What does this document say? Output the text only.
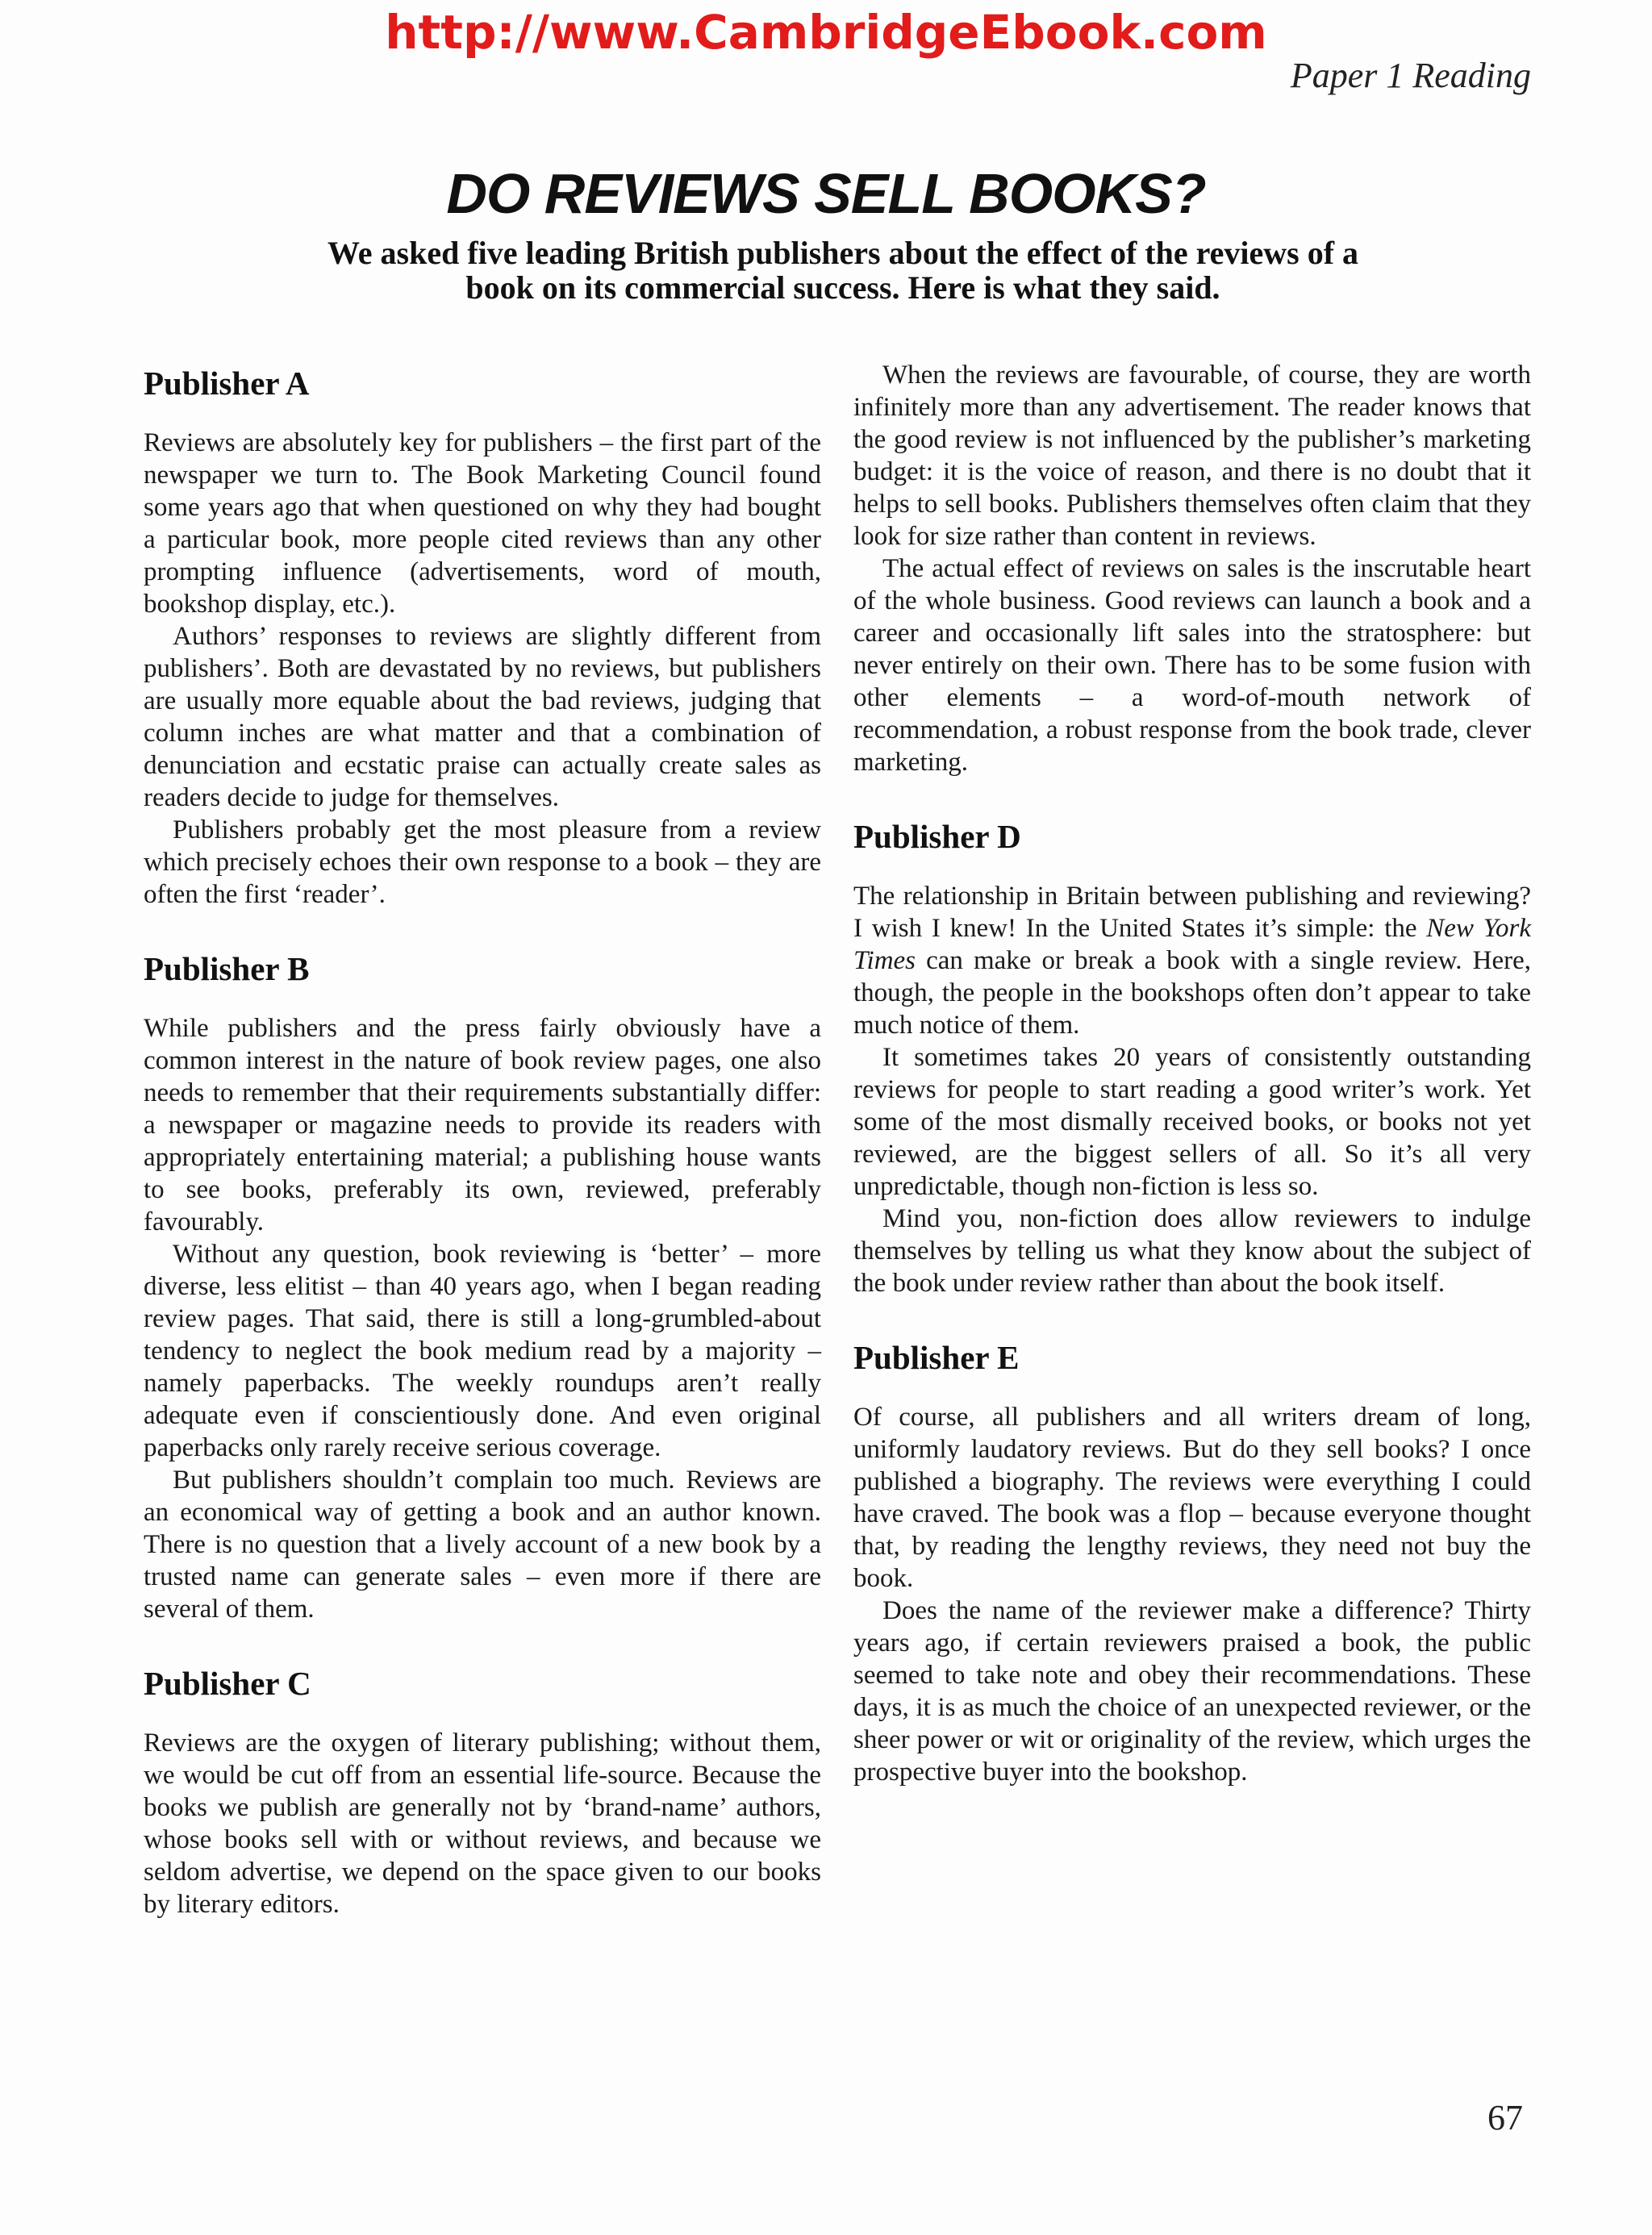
http://www.CambridgeEbook.com
Paper 1 Reading
DO REVIEWS SELL BOOKS?
We asked five leading British publishers about the effect of the reviews of a book on its commercial success. Here is what they said.
Publisher A

Reviews are absolutely key for publishers – the first part of the newspaper we turn to. The Book Marketing Council found some years ago that when questioned on why they had bought a particular book, more people cited reviews than any other prompting influence (advertisements, word of mouth, bookshop display, etc.).

Authors’ responses to reviews are slightly different from publishers’. Both are devastated by no reviews, but publishers are usually more equable about the bad reviews, judging that column inches are what matter and that a combination of denunciation and ecstatic praise can actually create sales as readers decide to judge for themselves.

Publishers probably get the most pleasure from a review which precisely echoes their own response to a book – they are often the first ‘reader’.

Publisher B

While publishers and the press fairly obviously have a common interest in the nature of book review pages, one also needs to remember that their requirements substantially differ: a newspaper or magazine needs to provide its readers with appropriately entertaining material; a publishing house wants to see books, preferably its own, reviewed, preferably favourably.

Without any question, book reviewing is ‘better’ – more diverse, less elitist – than 40 years ago, when I began reading review pages. That said, there is still a long-grumbled-about tendency to neglect the book medium read by a majority – namely paperbacks. The weekly roundups aren’t really adequate even if conscientiously done. And even original paperbacks only rarely receive serious coverage.

But publishers shouldn’t complain too much. Reviews are an economical way of getting a book and an author known. There is no question that a lively account of a new book by a trusted name can generate sales – even more if there are several of them.

Publisher C

Reviews are the oxygen of literary publishing; without them, we would be cut off from an essential life-source. Because the books we publish are generally not by ‘brand-name’ authors, whose books sell with or without reviews, and because we seldom advertise, we depend on the space given to our books by literary editors.

When the reviews are favourable, of course, they are worth infinitely more than any advertisement. The reader knows that the good review is not influenced by the publisher’s marketing budget: it is the voice of reason, and there is no doubt that it helps to sell books. Publishers themselves often claim that they look for size rather than content in reviews.

The actual effect of reviews on sales is the inscrutable heart of the whole business. Good reviews can launch a book and a career and occasionally lift sales into the stratosphere: but never entirely on their own. There has to be some fusion with other elements – a word-of-mouth network of recommendation, a robust response from the book trade, clever marketing.

Publisher D

The relationship in Britain between publishing and reviewing? I wish I knew! In the United States it’s simple: the New York Times can make or break a book with a single review. Here, though, the people in the bookshops often don’t appear to take much notice of them.

It sometimes takes 20 years of consistently outstanding reviews for people to start reading a good writer’s work. Yet some of the most dismally received books, or books not yet reviewed, are the biggest sellers of all. So it’s all very unpredictable, though non-fiction is less so.

Mind you, non-fiction does allow reviewers to indulge themselves by telling us what they know about the subject of the book under review rather than about the book itself.

Publisher E

Of course, all publishers and all writers dream of long, uniformly laudatory reviews. But do they sell books? I once published a biography. The reviews were everything I could have craved. The book was a flop – because everyone thought that, by reading the lengthy reviews, they need not buy the book.

Does the name of the reviewer make a difference? Thirty years ago, if certain reviewers praised a book, the public seemed to take note and obey their recommendations. These days, it is as much the choice of an unexpected reviewer, or the sheer power or wit or originality of the review, which urges the prospective buyer into the bookshop.

67
